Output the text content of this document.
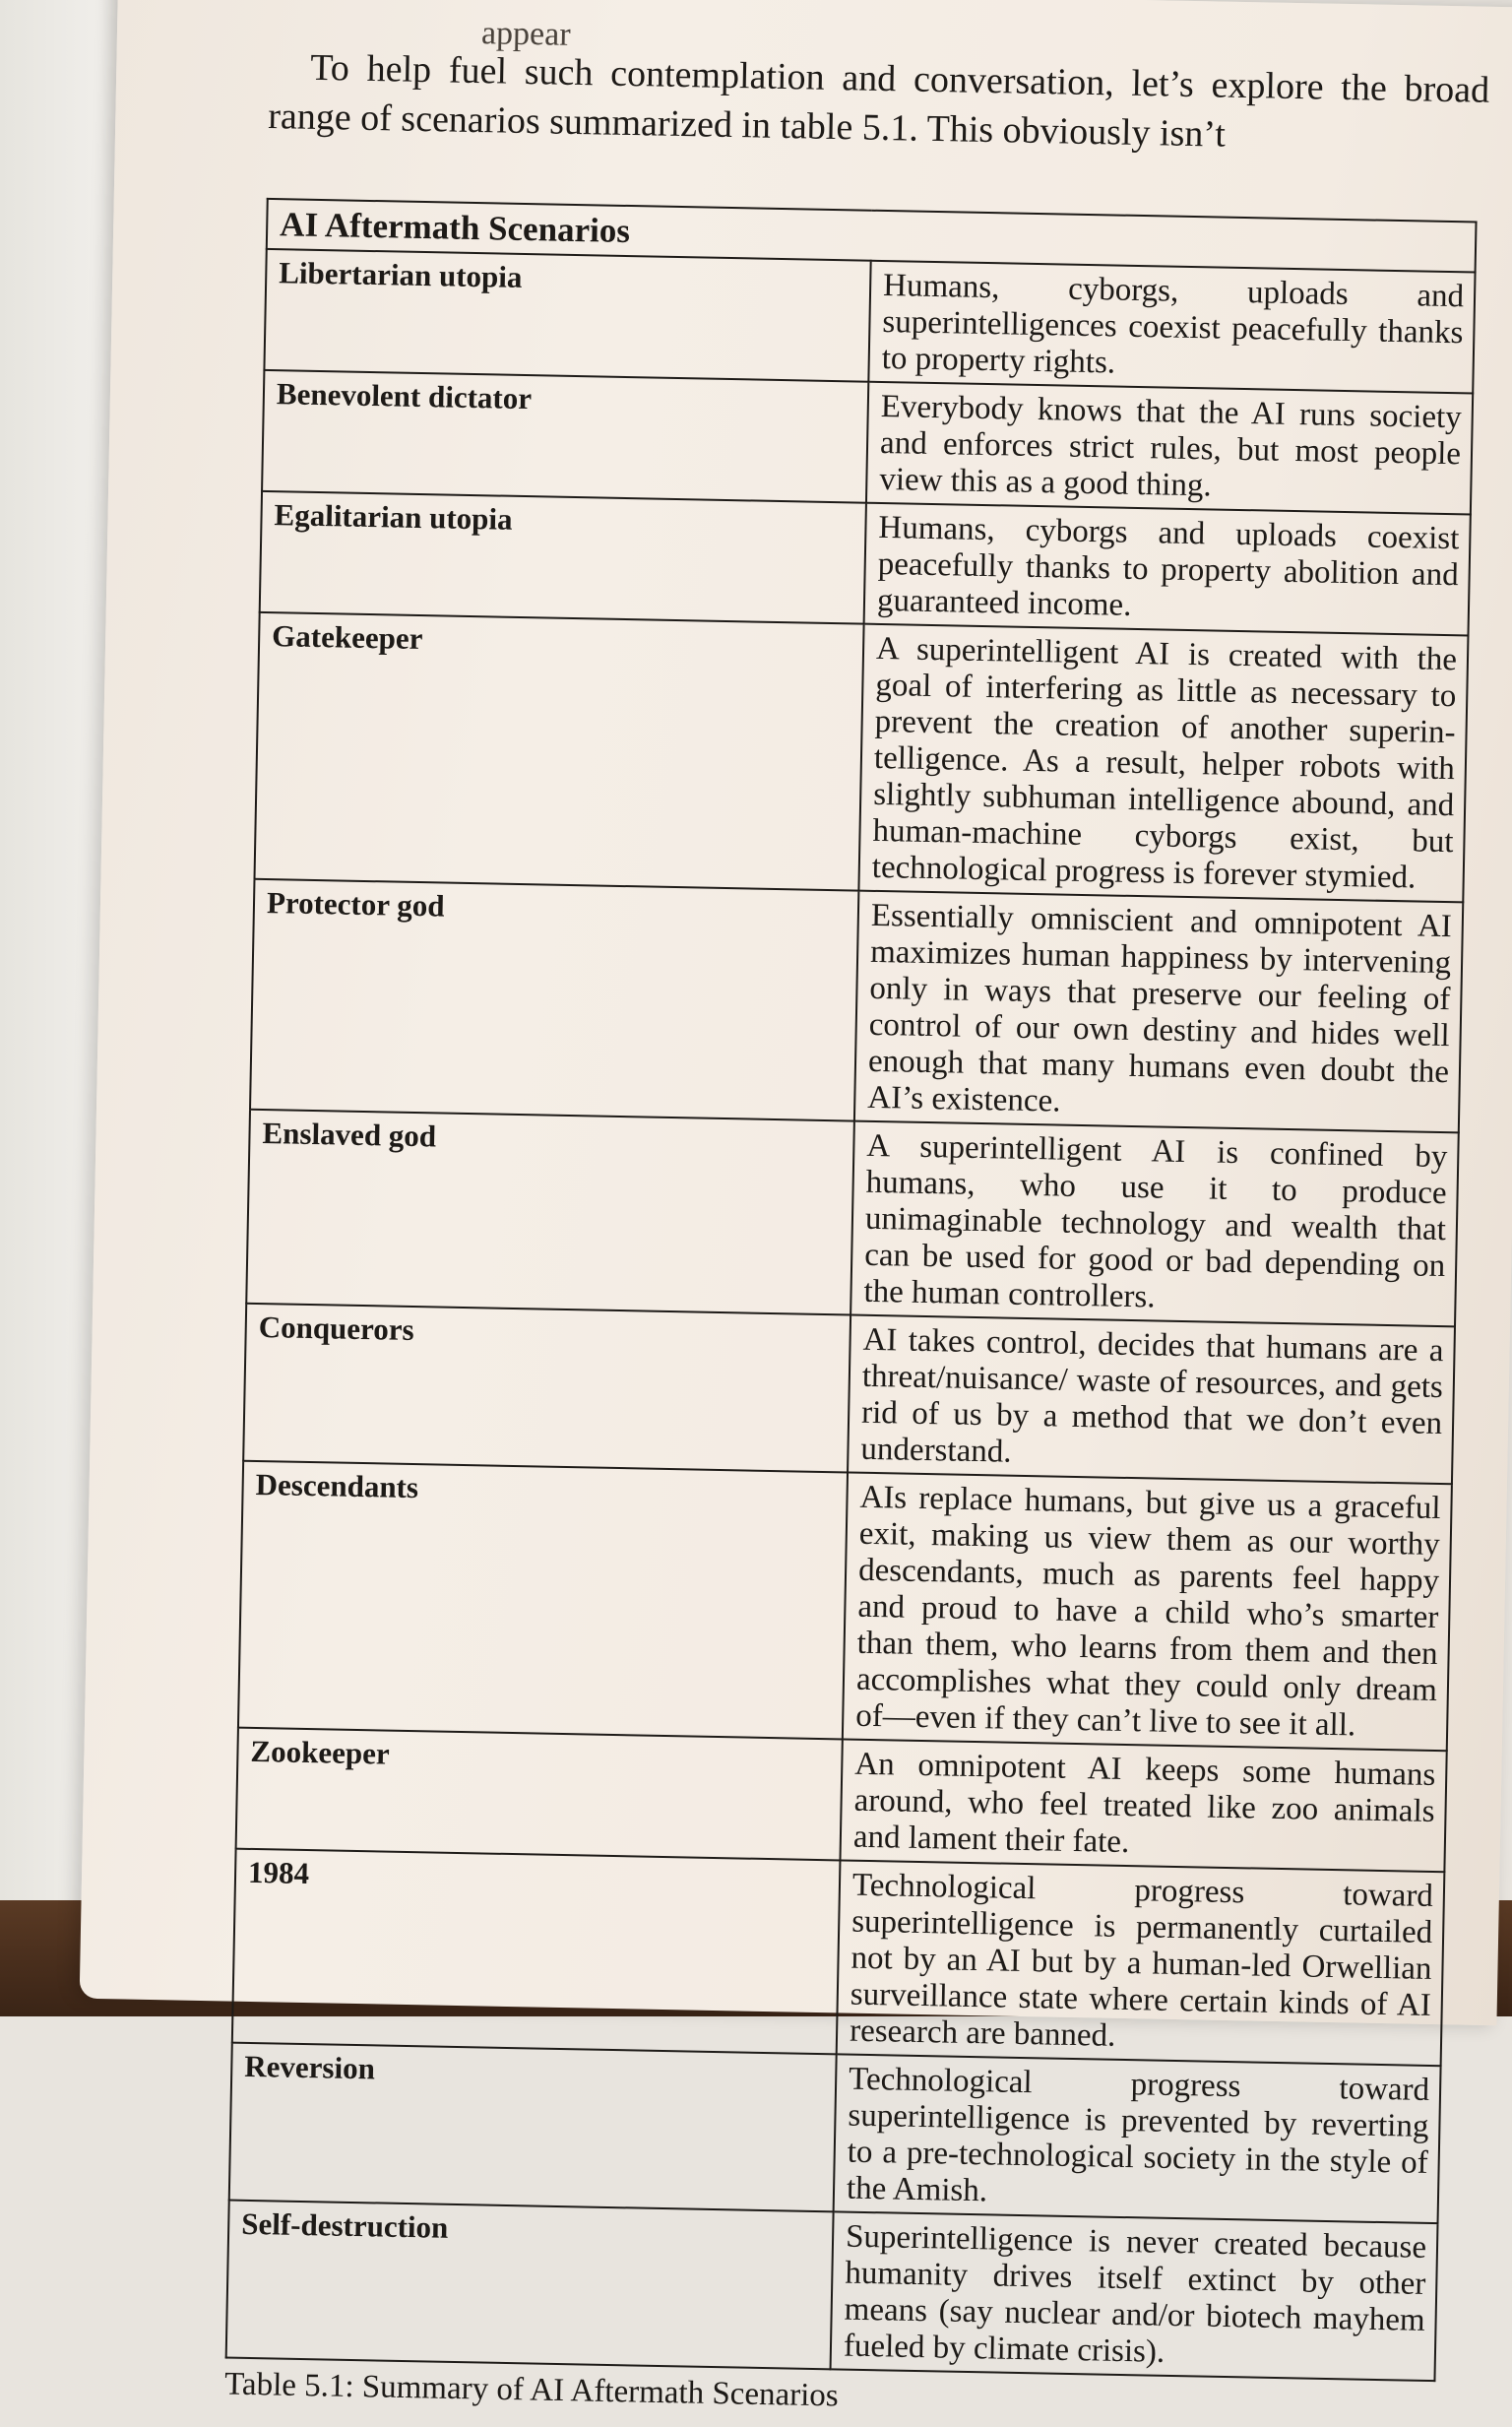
appear

To help fuel such contemplation and conversation, let’s explore the broad range of scenarios summarized in table 5.1. This obviously isn’t

AI Aftermath Scenarios	
Libertarian utopia	Humans, cyborgs, uploads and superintelligences coexist peacefully thanks to property rights.
Benevolent dictator	Everybody knows that the AI runs society and enforces strict rules, but most people view this as a good thing.
Egalitarian utopia	Humans, cyborgs and uploads coexist peacefully thanks to property abolition and guaranteed income.
Gatekeeper	A superintelligent AI is created with the goal of interfering as little as necessary to prevent the creation of another superintelligence. As a result, helper robots with slightly subhuman intelligence abound, and human-machine cyborgs exist, but technological progress is forever stymied.
Protector god	Essentially omniscient and omnipotent AI maximizes human happiness by intervening only in ways that preserve our feeling of control of our own destiny and hides well enough that many humans even doubt the AI’s existence.
Enslaved god	A superintelligent AI is confined by humans, who use it to produce unimaginable technology and wealth that can be used for good or bad depending on the human controllers.
Conquerors	AI takes control, decides that humans are a threat/nuisance/ waste of resources, and gets rid of us by a method that we don’t even understand.
Descendants	AIs replace humans, but give us a graceful exit, making us view them as our worthy descendants, much as parents feel happy and proud to have a child who’s smarter than them, who learns from them and then accomplishes what they could only dream of—even if they can’t live to see it all.
Zookeeper	An omnipotent AI keeps some humans around, who feel treated like zoo animals and lament their fate.
1984	Technological progress toward superintelligence is permanently curtailed not by an AI but by a human-led Orwellian surveillance state where certain kinds of AI research are banned.
Reversion	Technological progress toward superintelligence is prevented by reverting to a pre-technological society in the style of the Amish.
Self-destruction	Superintelligence is never created because humanity drives itself extinct by other means (say nuclear and/or biotech mayhem fueled by climate crisis).
Table 5.1: Summary of AI Aftermath Scenarios
